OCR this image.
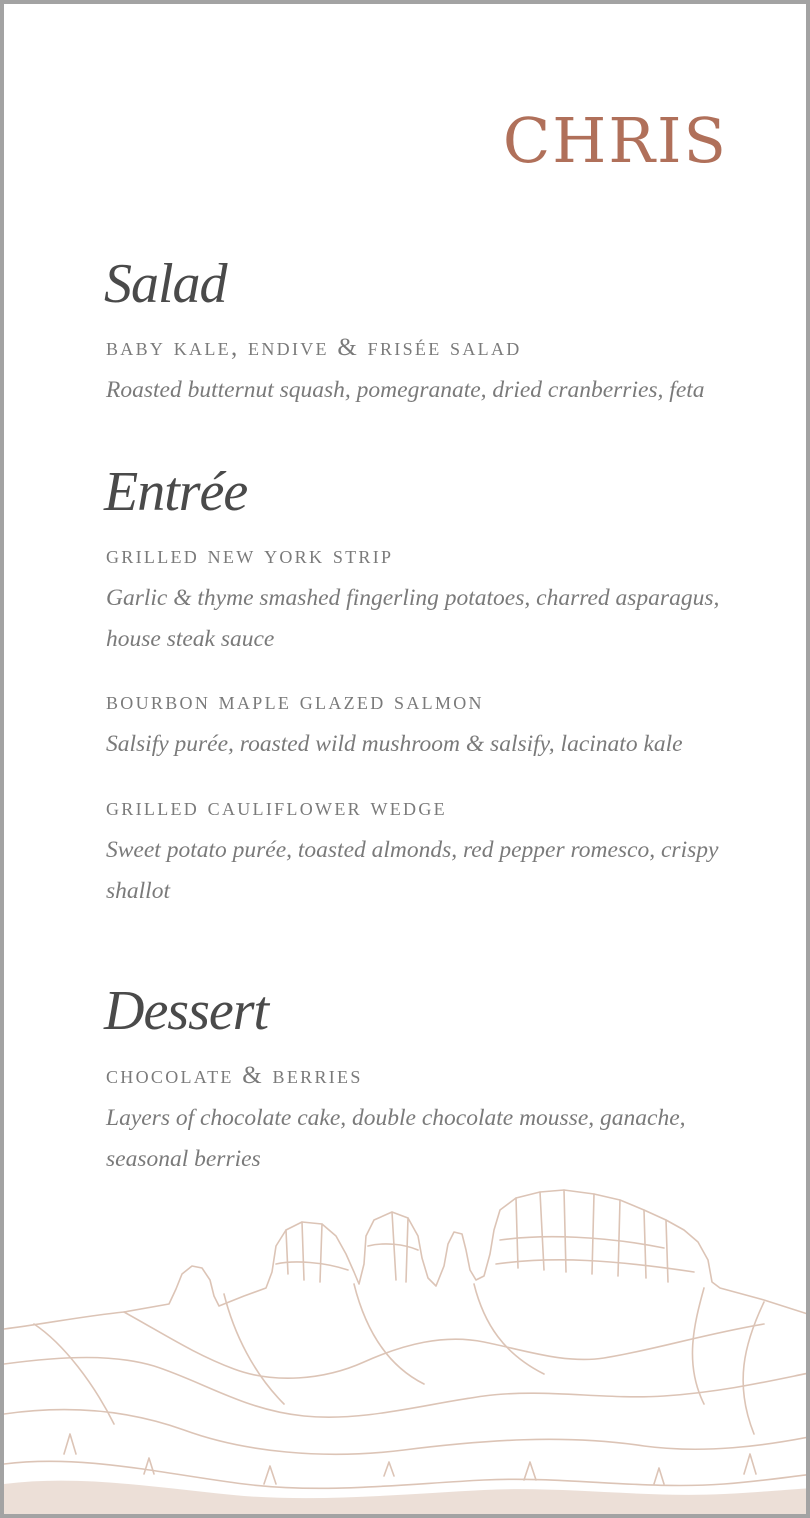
CHRIS
Salad

baby kale, endive & frisée salad

Roasted butternut squash, pomegranate, dried cranberries, feta

Entrée

grilled new york strip

Garlic & thyme smashed fingerling potatoes, charred asparagus, house steak sauce

bourbon maple glazed salmon

Salsify purée, roasted wild mushroom & salsify, lacinato kale

grilled cauliflower wedge

Sweet potato purée, toasted almonds, red pepper romesco, crispy shallot

Dessert

chocolate & berries

Layers of chocolate cake, double chocolate mousse, ganache, seasonal berries
